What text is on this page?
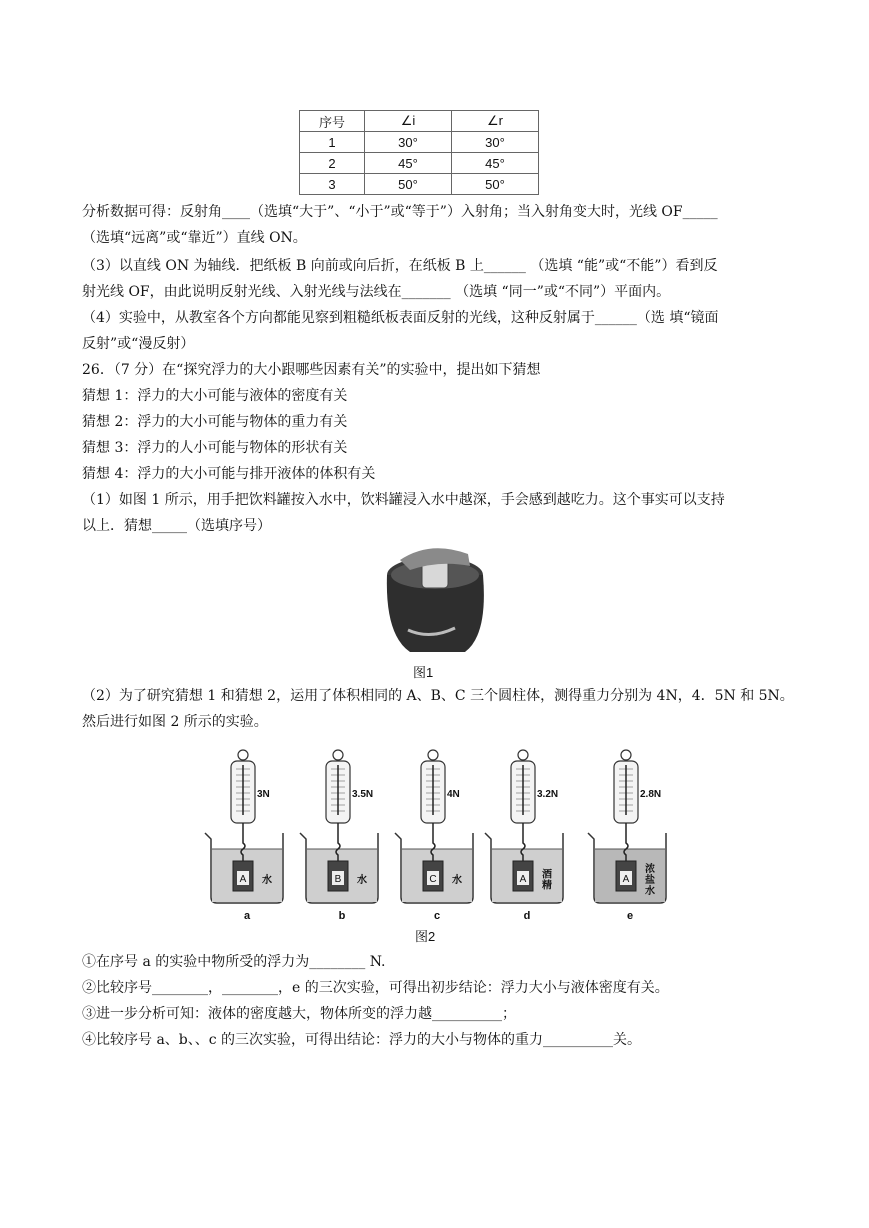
序号	∠i	∠r
1	30°	30°
2	45°	45°
3	50°	50°
分析数据可得：反射角____（选填“大于”、“小于”或“等于”）入射角；当入射角变大时，光线 OF_____
（选填“远离”或“靠近”）直线 ON。
（3）以直线 ON 为轴线．把纸板 B 向前或向后折，在纸板 B 上______ （选填 “能”或“不能”）看到反
射光线 OF，由此说明反射光线、入射光线与法线在_______ （选填 “同一”或“不同”）平面内。
（4）实验中，从教室各个方向都能见察到粗糙纸板表面反射的光线，这种反射属于______（选 填“镜面
反射”或“漫反射）
26．（7 分）在“探究浮力的大小跟哪些因素有关”的实验中，提出如下猜想
猜想 1：浮力的大小可能与液体的密度有关
猜想 2：浮力的大小可能与物体的重力有关
猜想 3：浮力的人小可能与物体的形状有关
猜想 4：浮力的大小可能与排开液体的体积有关
（1）如图 1 所示，用手把饮料罐按入水中，饮料罐浸入水中越深，手会感到越吃力。这个事实可以支持
以上．猜想_____（选填序号）
图1
（2）为了研究猜想 1 和猜想 2，运用了体积相同的 A、B、C 三个圆柱体，测得重力分别为 4N，4．5N 和 5N。
然后进行如图 2 所示的实验。
A
3N
水
a
B
3.5N
水
b
C
4N
水
c
A
3.2N
酒
精
d
A
2.8N
浓
盐
水
e
图2
①在序号 a 的实验中物所受的浮力为________ N.
②比较序号________，________，e 的三次实验，可得出初步结论：浮力大小与液体密度有关。
③进一步分析可知：液体的密度越大，物体所变的浮力越__________；
④比较序号 a、b、、c 的三次实验，可得出结论：浮力的大小与物体的重力__________关。
